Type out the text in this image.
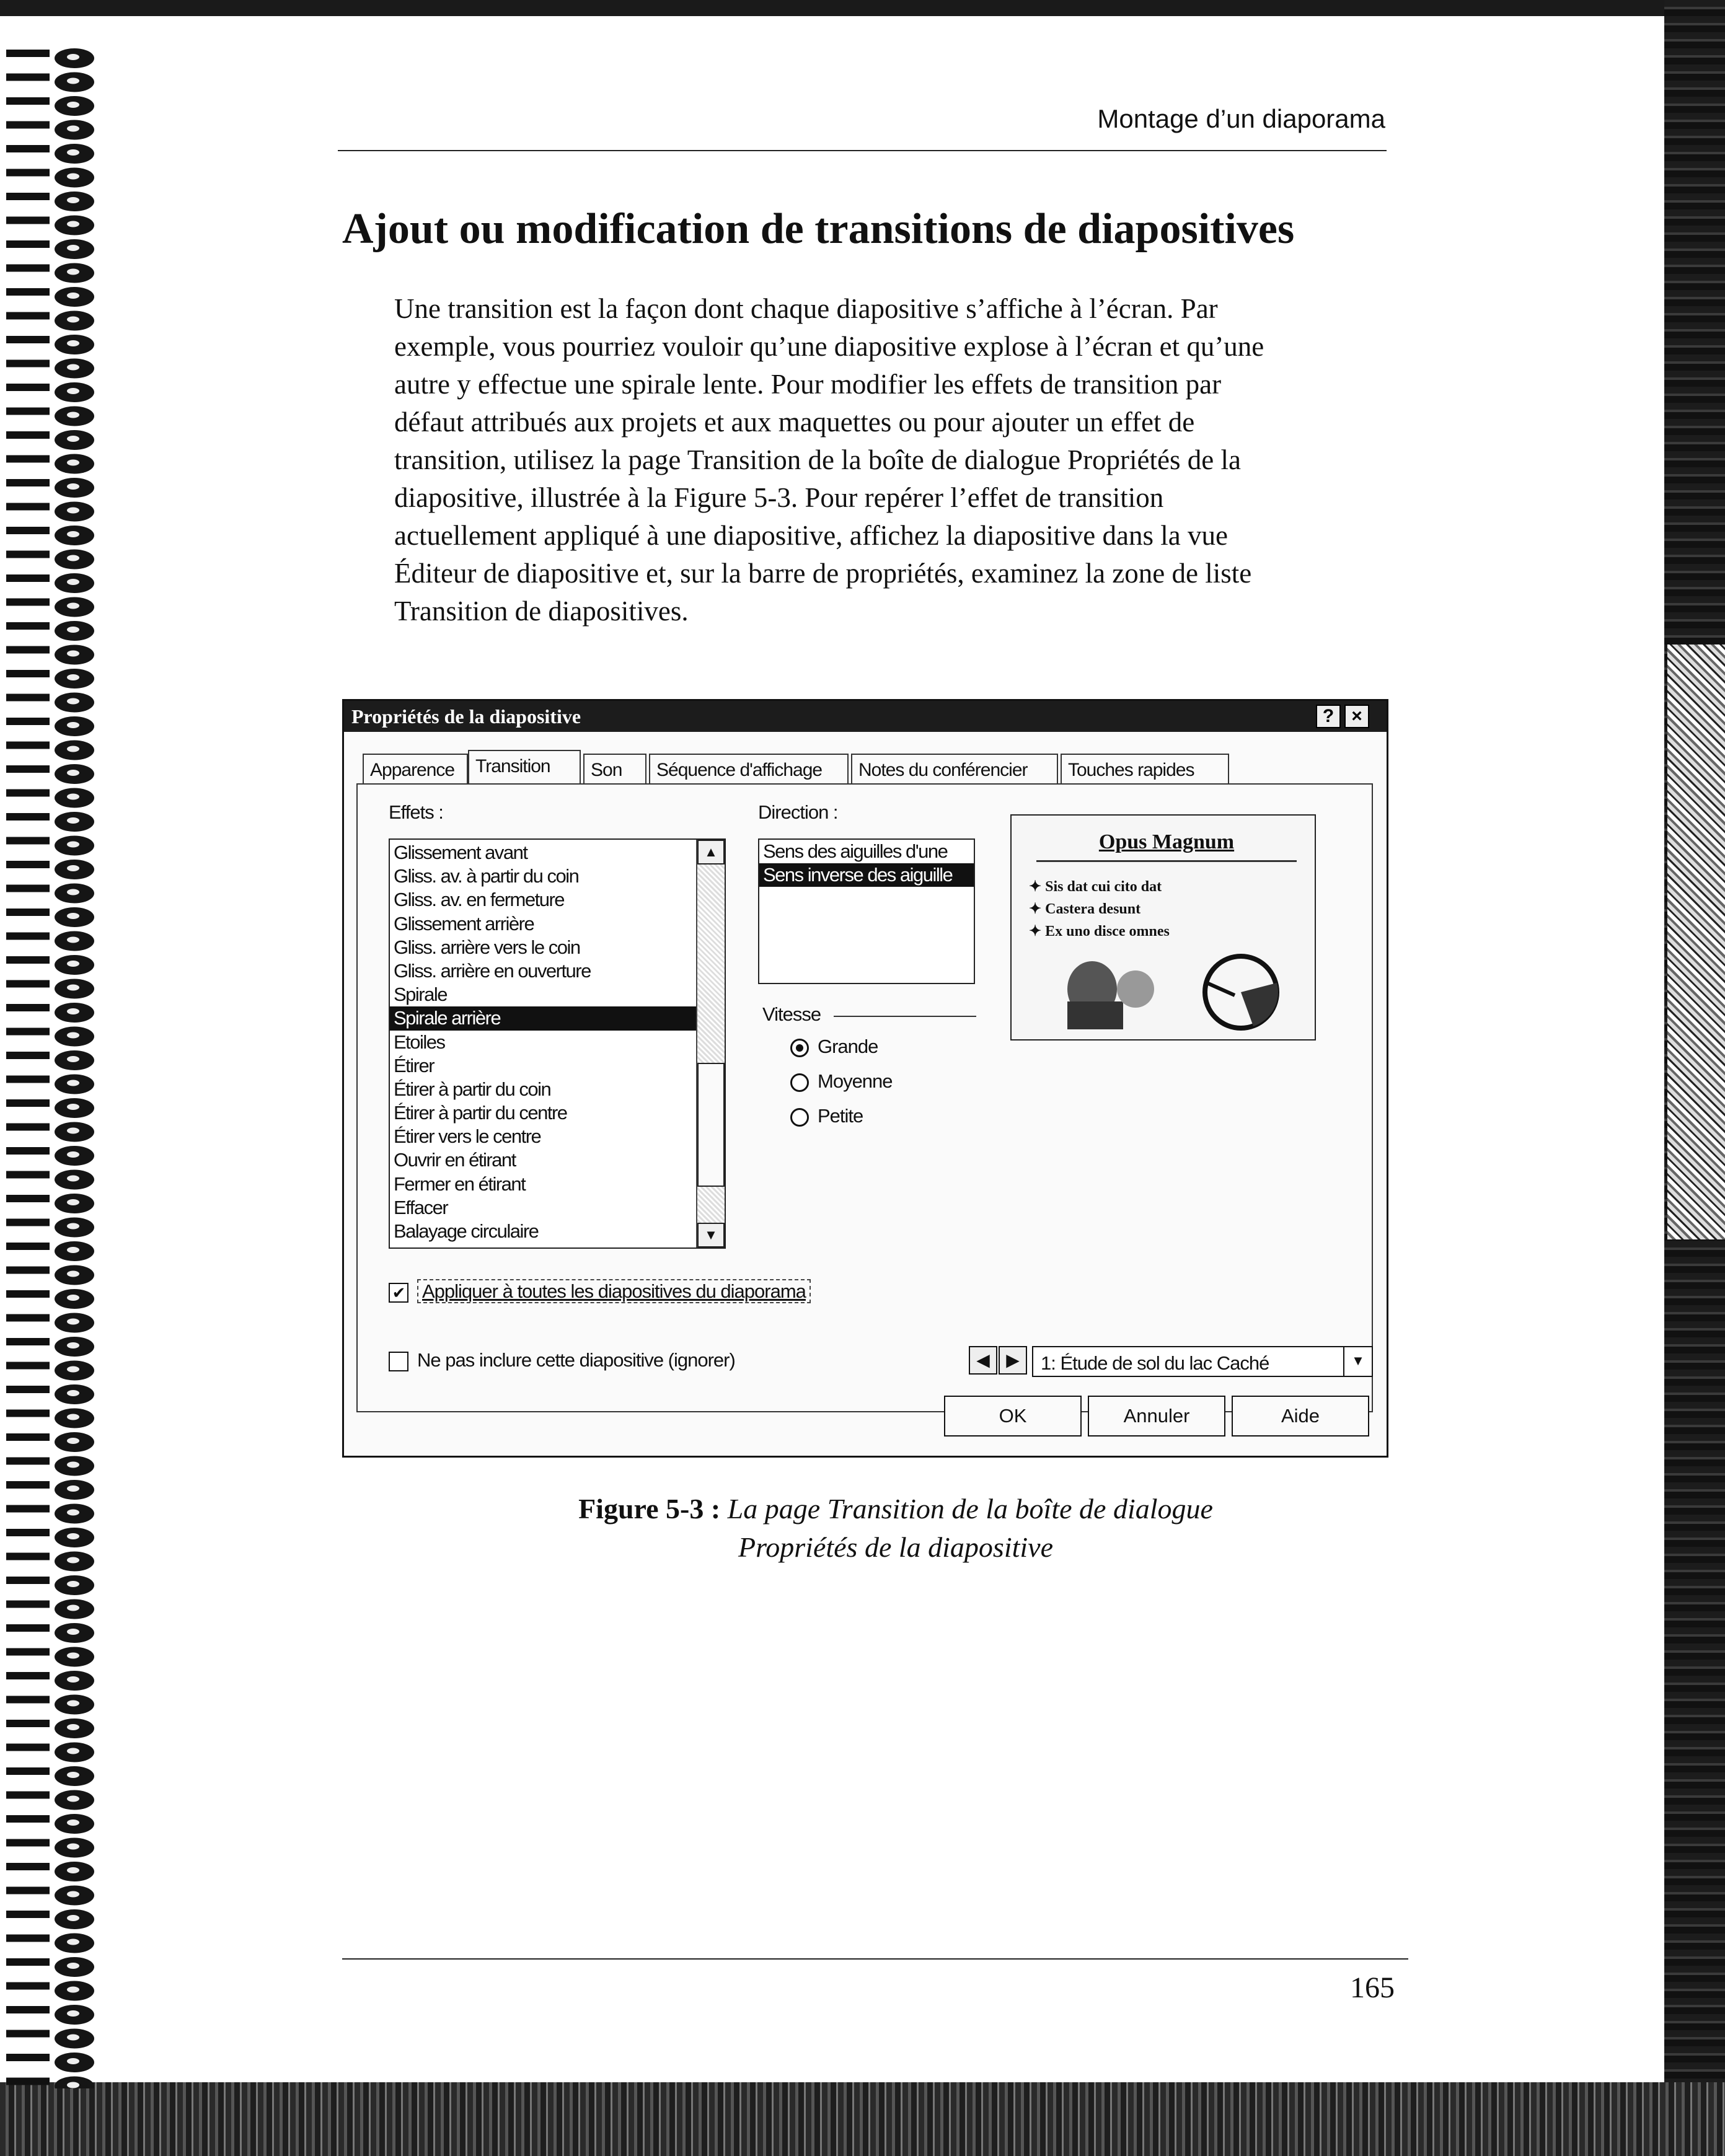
Montage d’un diaporama
Ajout ou modification de transitions de diapositives
Une transition est la façon dont chaque diapositive s’affiche à l’écran. Par
exemple, vous pourriez vouloir qu’une diapositive explose à l’écran et qu’une
autre y effectue une spirale lente. Pour modifier les effets de transition par
défaut attribués aux projets et aux maquettes ou pour ajouter un effet de
transition, utilisez la page Transition de la boîte de dialogue Propriétés de la
diapositive, illustrée à la Figure 5-3. Pour repérer l’effet de transition
actuellement appliqué à une diapositive, affichez la diapositive dans la vue
Éditeur de diapositive et, sur la barre de propriétés, examinez la zone de liste
Transition de diapositives.
Propriétés de la diapositive	? ×
Apparence	Transition	Son	Séquence d'affichage	Notes du conférencier	Touches rapides
Effets :
Glissement avant
Gliss. av. à partir du coin
Gliss. av. en fermeture
Glissement arrière
Gliss. arrière vers le coin
Gliss. arrière en ouverture
Spirale
Spirale arrière
Etoiles
Étirer
Étirer à partir du coin
Étirer à partir du centre
Étirer vers le centre
Ouvrir en étirant
Fermer en étirant
Effacer
Balayage circulaire
▲
▼
Direction :
Sens des aiguilles d'une
Sens inverse des aiguille
Vitesse
Grande
Moyenne
Petite
Opus Magnum
✦ Sis dat cui cito dat
✦ Castera desunt
✦ Ex uno disce omnes
✔ Appliquer à toutes les diapositives du diaporama
Ne pas inclure cette diapositive (ignorer)	◀ ▶	1: Étude de sol du lac Caché	▼
OK	Annuler	Aide
Figure 5-3 : La page Transition de la boîte de dialogue
Propriétés de la diapositive
165
